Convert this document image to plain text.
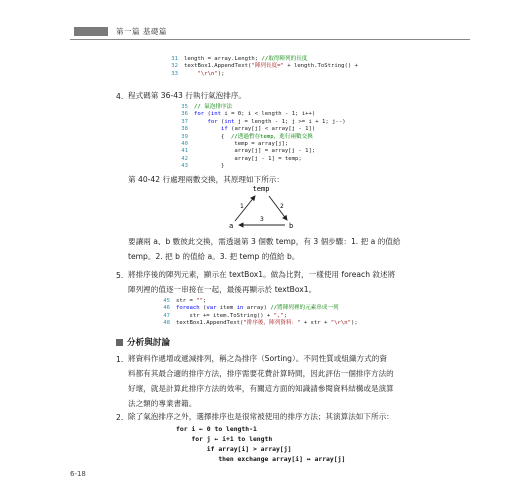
第一篇 基礎篇
31 length = array.Length; //取得陣列的長度
32 textBox1.AppendText("陣列長度=" + length.ToString() +
33	"\r\n");
4. 程式碼第 36-43 行執行氣泡排序。
35 // 氣泡排序法
36 for (int i = 0; i < length - 1; i++)
37	for (int j = length - 1; j >= i + 1; j--)
38	if (array[j] < array[j - 1])
39        {  //透過暫存temp，進行兩數交換
40            temp = array[j];
41            array[j] = array[j - 1];
42            array[j - 1] = temp;
43        }
第 40-42 行處理兩數交換，其原理如下所示：
temp
a	b
1	2
3
要讓兩 a、b 數彼此交換，需透過第 3 個數 temp，有 3 個步驟：1. 把 a 的值給
temp。2. 把 b 的值給 a。3. 把 temp 的值給 b。
5. 將排序後的陣列元素，顯示在 textBox1。做為比對，一樣使用 foreach 敘述將
陣列裡的值逐一串接在一起，最後再顯示於 textBox1。
45 str = "";
46 foreach (var item in array) //將陣列裡的元素串成一列
47    str += item.ToString() + ",";
48 textBox1.AppendText("排序後，陣列資料：" + str + "\r\n");
分析與討論
1. 將資料作遞增或遞減排列，稱之為排序（Sorting）。不同性質或組織方式的資
料都有其最合適的排序方法，排序需要花費計算時間，因此評估一個排序方法的
好壞，就是計算此排序方法的效率，有關這方面的知識請參閱資料結構或是演算
法之類的專業書籍。
2. 除了氣泡排序之外，選擇排序也是很常被使用的排序方法；其演算法如下所示：
for i ← 0 to length-1
for j ← i+1 to length
if array[i] > array[j]
then exchange array[i] ↔ array[j]
6-18
